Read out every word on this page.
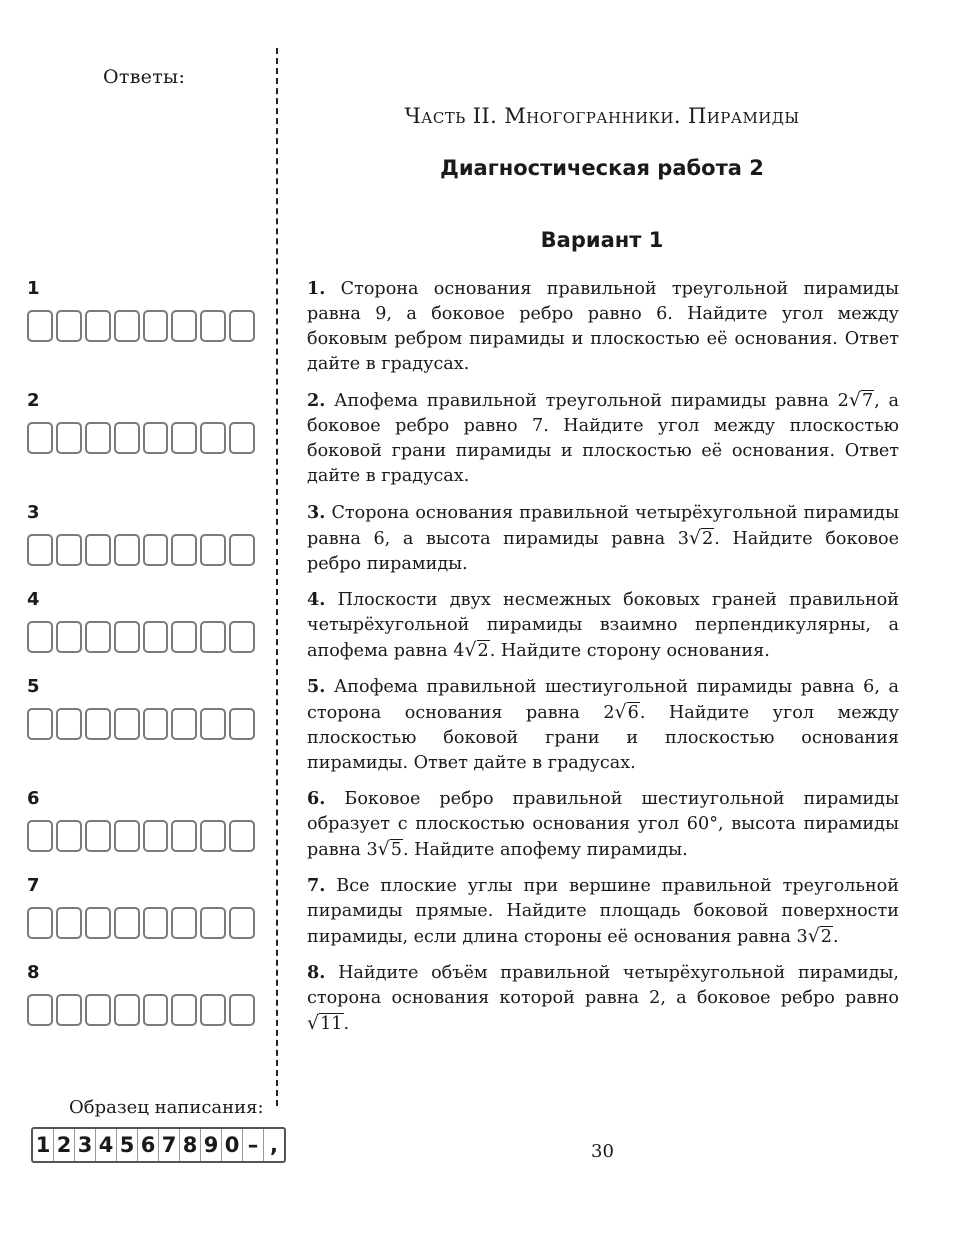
Ответы:
Часть II. Многогранники. Пирамиды
Диагностическая работа 2
Вариант 1
1
2
3
4
5
6
7
8
1. Сторона основания правильной треугольной пирамиды равна 9, а боковое ребро равно 6. Найдите угол между боковым ребром пирамиды и плоскостью её основания. Ответ дайте в градусах.
2. Апофема правильной треугольной пирамиды равна 2√7, а боковое ребро равно 7. Найдите угол между плоскостью боковой грани пирамиды и плоскостью её основания. Ответ дайте в градусах.
3. Сторона основания правильной четырёхугольной пирамиды равна 6, а высота пирамиды равна 3√2. Найдите боковое ребро пирамиды.
4. Плоскости двух несмежных боковых граней правильной четырёхугольной пирамиды взаимно перпендикулярны, а апофема равна 4√2. Найдите сторону основания.
5. Апофема правильной шестиугольной пирамиды равна 6, а сторона основания равна 2√6. Найдите угол между плоскостью боковой грани и плоскостью основания пирамиды. Ответ дайте в градусах.
6. Боковое ребро правильной шестиугольной пирамиды образует с плоскостью основания угол 60°, высота пирамиды равна 3√5. Найдите апофему пирамиды.
7. Все плоские углы при вершине правильной треугольной пирамиды прямые. Найдите площадь боковой поверхности пирамиды, если длина стороны её основания равна 3√2.
8. Найдите объём правильной четырёхугольной пирамиды, сторона основания которой равна 2, а боковое ребро равно √11.
Образец написания:
1 2 3 4 5 6 7 8 9 0 – ,	30
